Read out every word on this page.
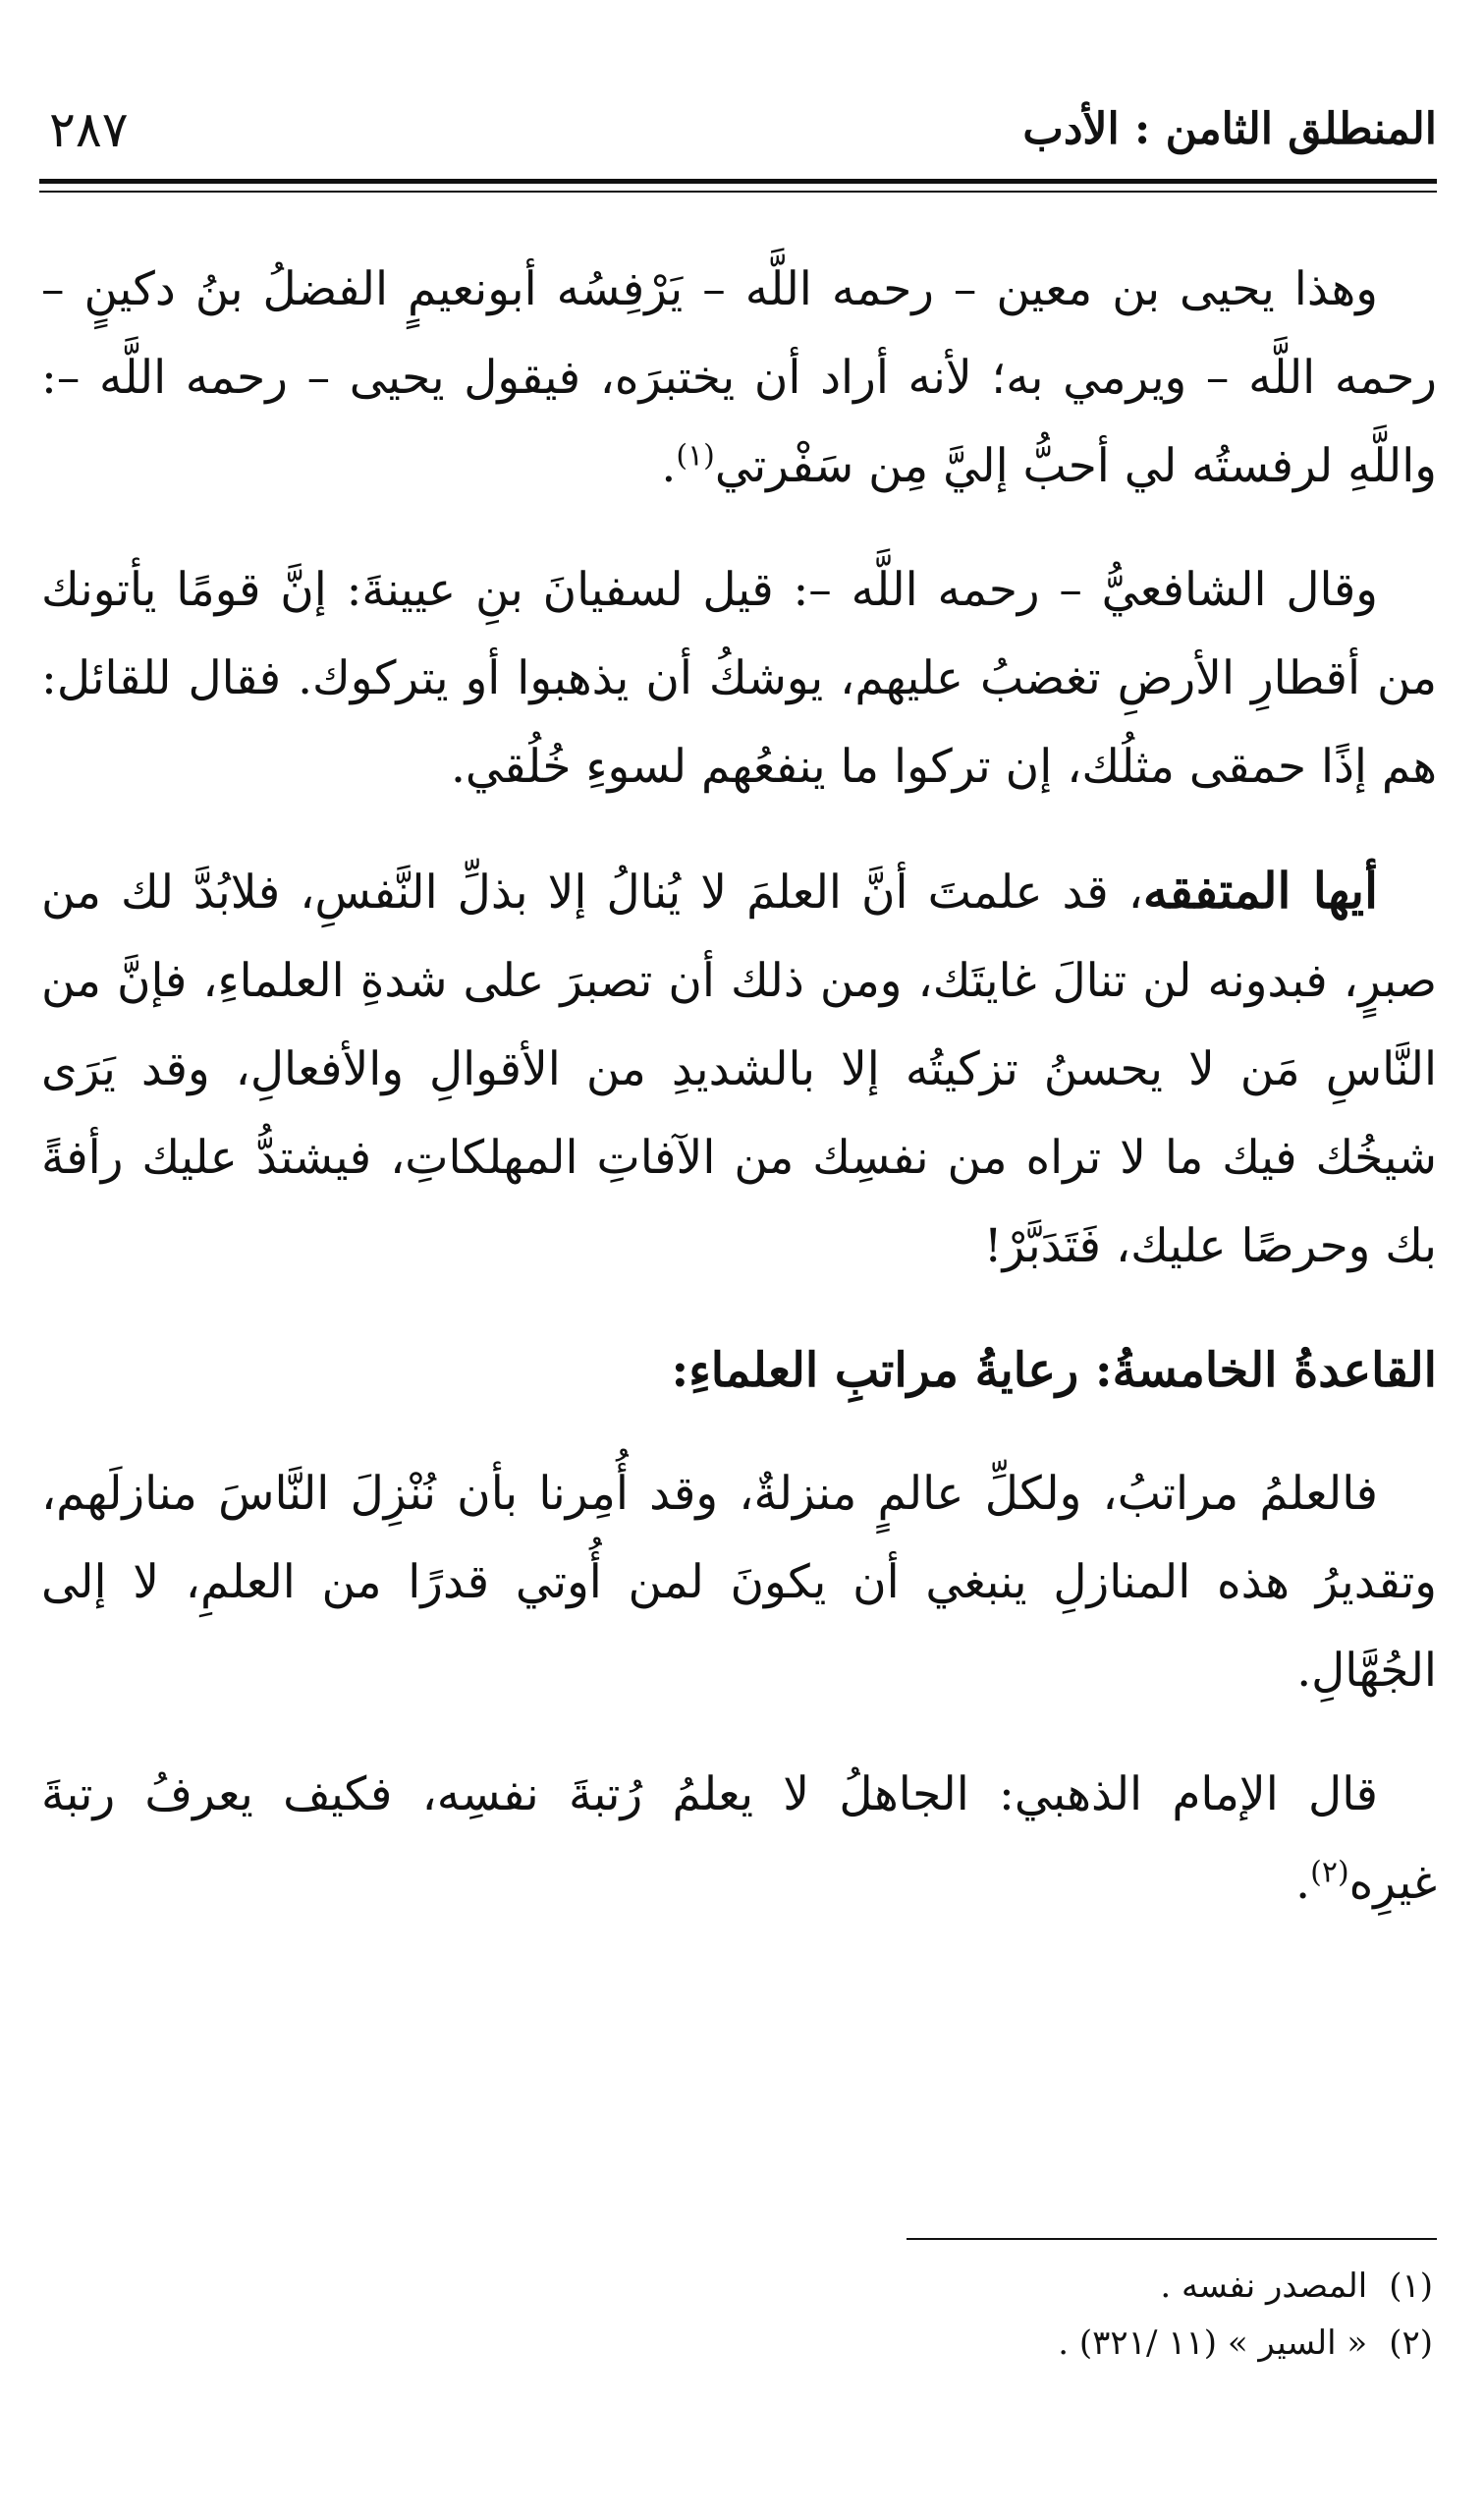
المنطلق الثامن : الأدب
٢٨٧

وهذا يحيى بن معين – رحمه اللَّه – يَرْفِسُه أبونعيمٍ الفضلُ بنُ دكينٍ – رحمه اللَّه – ويرمي به؛ لأنه أراد أن يختبرَه، فيقول يحيى – رحمه اللَّه –: واللَّهِ لرفستُه لي أحبُّ إليَّ مِن سَفْرتي$^{(١)}$.

وقال الشافعيُّ – رحمه اللَّه –: قيل لسفيانَ بنِ عيينةَ: إنَّ قومًا يأتونك من أقطارِ الأرضِ تغضبُ عليهم، يوشكُ أن يذهبوا أو يتركوك. فقال للقائل: هم إذًا حمقى مثلُك، إن تركوا ما ينفعُهم لسوءِ خُلُقي.

أيها المتفقه، قد علمتَ أنَّ العلمَ لا يُنالُ إلا بذلِّ النَّفسِ، فلابُدَّ لك من صبرٍ، فبدونه لن تنالَ غايتَك، ومن ذلك أن تصبرَ على شدةِ العلماءِ، فإنَّ من النَّاسِ مَن لا يحسنُ تزكيتُه إلا بالشديدِ من الأقوالِ والأفعالِ، وقد يَرَى شيخُك فيك ما لا تراه من نفسِك من الآفاتِ المهلكاتِ، فيشتدُّ عليك رأفةً بك وحرصًا عليك، فَتَدَبَّرْ!

القاعدةُ الخامسةُ: رعايةُ مراتبِ العلماءِ:

فالعلمُ مراتبُ، ولكلِّ عالمٍ منزلةٌ، وقد أُمِرنا بأن نُنْزِلَ النَّاسَ منازلَهم، وتقديرُ هذه المنازلِ ينبغي أن يكونَ لمن أُوتي قدرًا من العلمِ، لا إلى الجُهَّالِ.

قال الإمام الذهبي: الجاهلُ لا يعلمُ رُتبةَ نفسِه، فكيف يعرفُ رتبةَ غيرِه$^{(٢)}$.

(١)المصدر نفسه .
(٢)« السير » (١١ /٣٢١) .
